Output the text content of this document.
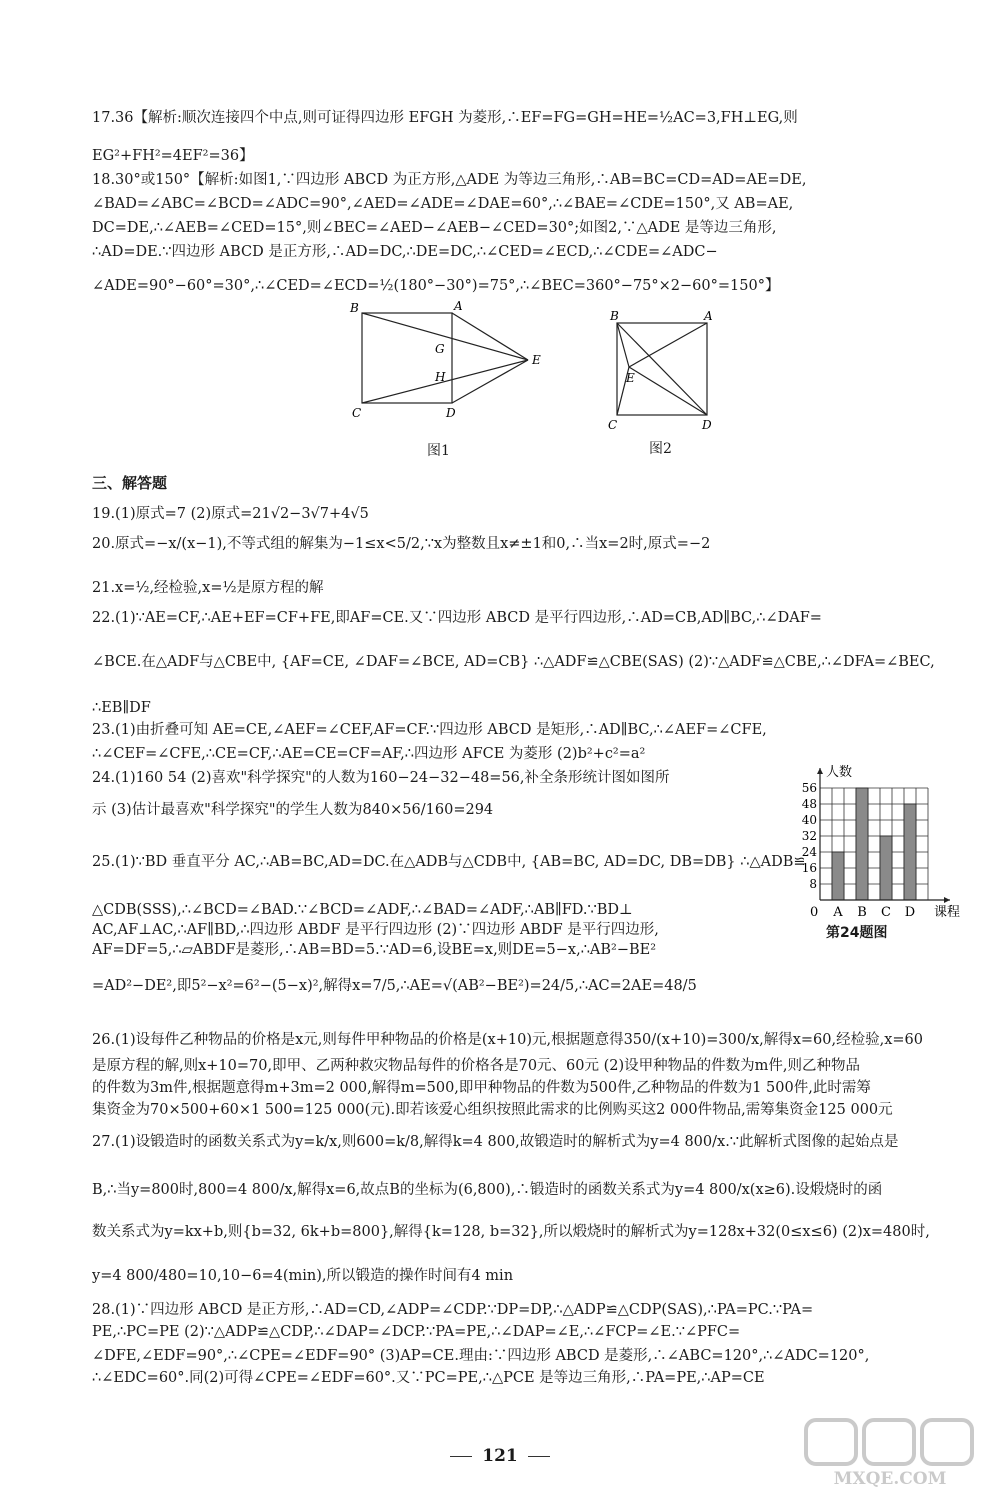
17.36【解析:顺次连接四个中点,则可证得四边形 EFGH 为菱形,∴EF=FG=GH=HE=½AC=3,FH⊥EG,则
EG²+FH²=4EF²=36】
18.30°或150°【解析:如图1,∵四边形 ABCD 为正方形,△ADE 为等边三角形,∴AB=BC=CD=AD=AE=DE,
∠BAD=∠ABC=∠BCD=∠ADC=90°,∠AED=∠ADE=∠DAE=60°,∴∠BAE=∠CDE=150°,又 AB=AE,
DC=DE,∴∠AEB=∠CED=15°,则∠BEC=∠AED−∠AEB−∠CED=30°;如图2,∵△ADE 是等边三角形,
∴AD=DE.∵四边形 ABCD 是正方形,∴AD=DC,∴DE=DC,∴∠CED=∠ECD,∴∠CDE=∠ADC−
∠ADE=90°−60°=30°,∴∠CED=∠ECD=½(180°−30°)=75°,∴∠BEC=360°−75°×2−60°=150°】
19.(1)原式=7 (2)原式=21√2−3√7+4√5
20.原式=−x/(x−1),不等式组的解集为−1≤x<5/2,∵x为整数且x≠±1和0,∴当x=2时,原式=−2
21.x=½,经检验,x=½是原方程的解
22.(1)∵AE=CF,∴AE+EF=CF+FE,即AF=CE.又∵四边形 ABCD 是平行四边形,∴AD=CB,AD∥BC,∴∠DAF=
∠BCE.在△ADF与△CBE中, {AF=CE, ∠DAF=∠BCE, AD=CB} ∴△ADF≌△CBE(SAS) (2)∵△ADF≌△CBE,∴∠DFA=∠BEC,
∴EB∥DF
23.(1)由折叠可知 AE=CE,∠AEF=∠CEF,AF=CF.∵四边形 ABCD 是矩形,∴AD∥BC,∴∠AEF=∠CFE,
∴∠CEF=∠CFE,∴CE=CF,∴AE=CE=CF=AF,∴四边形 AFCE 为菱形 (2)b²+c²=a²
24.(1)160 54 (2)喜欢"科学探究"的人数为160−24−32−48=56,补全条形统计图如图所
示 (3)估计最喜欢"科学探究"的学生人数为840×56/160=294
25.(1)∵BD 垂直平分 AC,∴AB=BC,AD=DC.在△ADB与△CDB中, {AB=BC, AD=DC, DB=DB} ∴△ADB≌
△CDB(SSS),∴∠BCD=∠BAD.∵∠BCD=∠ADF,∴∠BAD=∠ADF,∴AB∥FD.∵BD⊥
AC,AF⊥AC,∴AF∥BD,∴四边形 ABDF 是平行四边形 (2)∵四边形 ABDF 是平行四边形,
AF=DF=5,∴▱ABDF是菱形,∴AB=BD=5.∵AD=6,设BE=x,则DE=5−x,∴AB²−BE²
=AD²−DE²,即5²−x²=6²−(5−x)²,解得x=7/5,∴AE=√(AB²−BE²)=24/5,∴AC=2AE=48/5
26.(1)设每件乙种物品的价格是x元,则每件甲种物品的价格是(x+10)元,根据题意得350/(x+10)=300/x,解得x=60,经检验,x=60
是原方程的解,则x+10=70,即甲、乙两种救灾物品每件的价格各是70元、60元 (2)设甲种物品的件数为m件,则乙种物品
的件数为3m件,根据题意得m+3m=2 000,解得m=500,即甲种物品的件数为500件,乙种物品的件数为1 500件,此时需筹
集资金为70×500+60×1 500=125 000(元).即若该爱心组织按照此需求的比例购买这2 000件物品,需筹集资金125 000元
27.(1)设锻造时的函数关系式为y=k/x,则600=k/8,解得k=4 800,故锻造时的解析式为y=4 800/x.∵此解析式图像的起始点是
B,∴当y=800时,800=4 800/x,解得x=6,故点B的坐标为(6,800),∴锻造时的函数关系式为y=4 800/x(x≥6).设煅烧时的函
数关系式为y=kx+b,则{b=32, 6k+b=800},解得{k=128, b=32},所以煅烧时的解析式为y=128x+32(0≤x≤6) (2)x=480时,
y=4 800/480=10,10−6=4(min),所以锻造的操作时间有4 min
28.(1)∵四边形 ABCD 是正方形,∴AD=CD,∠ADP=∠CDP.∵DP=DP,∴△ADP≌△CDP(SAS),∴PA=PC.∵PA=
PE,∴PC=PE (2)∵△ADP≌△CDP,∴∠DAP=∠DCP.∵PA=PE,∴∠DAP=∠E,∴∠FCP=∠E.∵∠PFC=
∠DFE,∠EDF=90°,∴∠CPE=∠EDF=90° (3)AP=CE.理由:∵四边形 ABCD 是菱形,∴∠ABC=120°,∴∠ADC=120°,
∴∠EDC=60°.同(2)可得∠CPE=∠EDF=60°.又∵PC=PE,∴△PCE 是等边三角形,∴PA=PE,∴AP=CE
三、解答题
B	A
G
E
H
C	D
图1
B	A
E
C	D
图2
A B C D
8
16
24
32
40
48
56
0
人数
课程
第24题图
121
MXQE.COM
